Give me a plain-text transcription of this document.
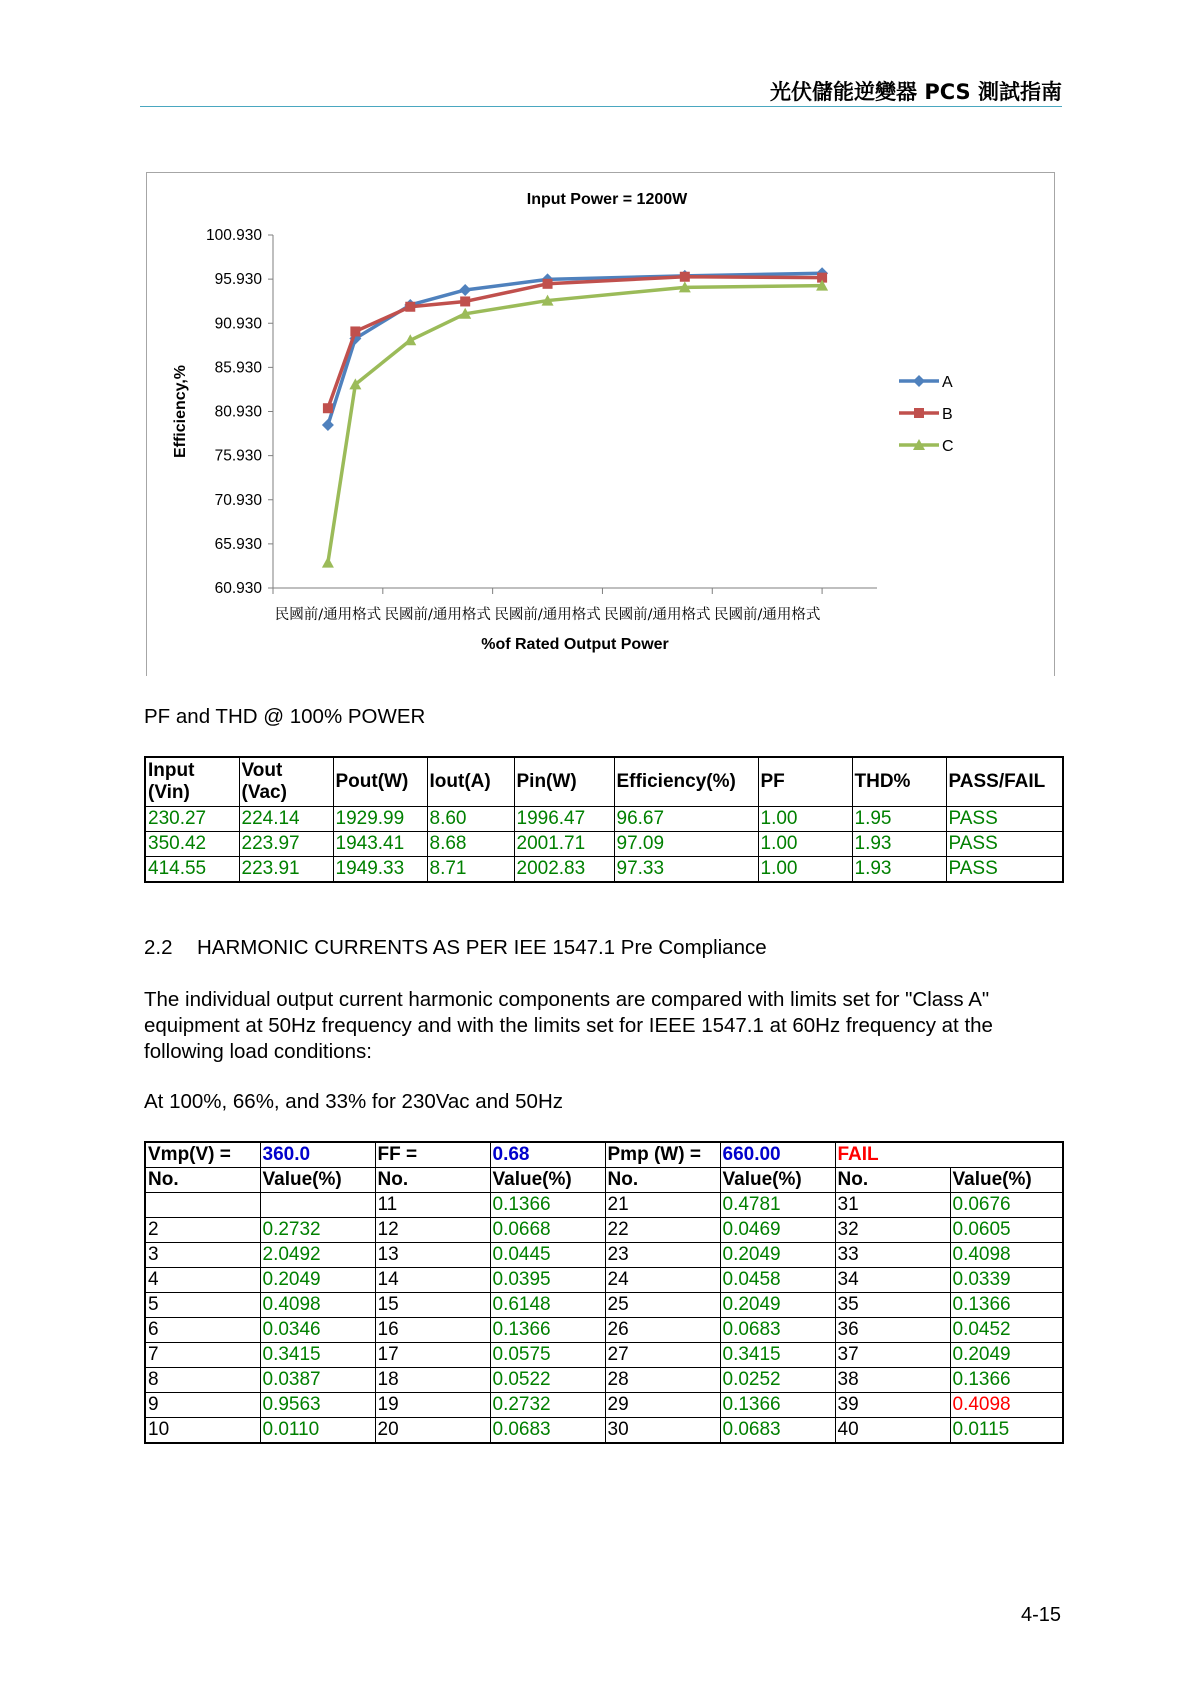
光伏儲能逆變器 PCS 測試指南
Input Power = 1200W
100.930
95.930
90.930
85.930
80.930
75.930
70.930
65.930
60.930
民國前/通用格式 民國前/通用格式 民國前/通用格式 民國前/通用格式 民國前/通用格式
%of Rated Output Power
Efficiency,%	A
B
C
PF and THD @ 100% POWER
Input (Vin)	Vout (Vac)	Pout(W)	Iout(A)	Pin(W)	Efficiency(%)	PF	THD%	PASS/FAIL
230.27	224.14	1929.99	8.60	1996.47	96.67	1.00	1.95	PASS
350.42	223.97	1943.41	8.68	2001.71	97.09	1.00	1.93	PASS
414.55	223.91	1949.33	8.71	2002.83	97.33	1.00	1.93	PASS
2.2 HARMONIC CURRENTS AS PER IEE 1547.1 Pre Compliance
The individual output current harmonic components are compared with limits set for "Class A" equipment at 50Hz frequency and with the limits set for IEEE 1547.1 at 60Hz frequency at the following load conditions:
At 100%, 66%, and 33% for 230Vac and 50Hz
Vmp(V) =	360.0	FF =	0.68	Pmp (W) =	660.00	FAIL	
No.	Value(%)	No.	Value(%)	No.	Value(%)	No.	Value(%)
		11	0.1366	21	0.4781	31	0.0676
2	0.2732	12	0.0668	22	0.0469	32	0.0605
3	2.0492	13	0.0445	23	0.2049	33	0.4098
4	0.2049	14	0.0395	24	0.0458	34	0.0339
5	0.4098	15	0.6148	25	0.2049	35	0.1366
6	0.0346	16	0.1366	26	0.0683	36	0.0452
7	0.3415	17	0.0575	27	0.3415	37	0.2049
8	0.0387	18	0.0522	28	0.0252	38	0.1366
9	0.9563	19	0.2732	29	0.1366	39	0.4098
10	0.0110	20	0.0683	30	0.0683	40	0.0115
4-15
